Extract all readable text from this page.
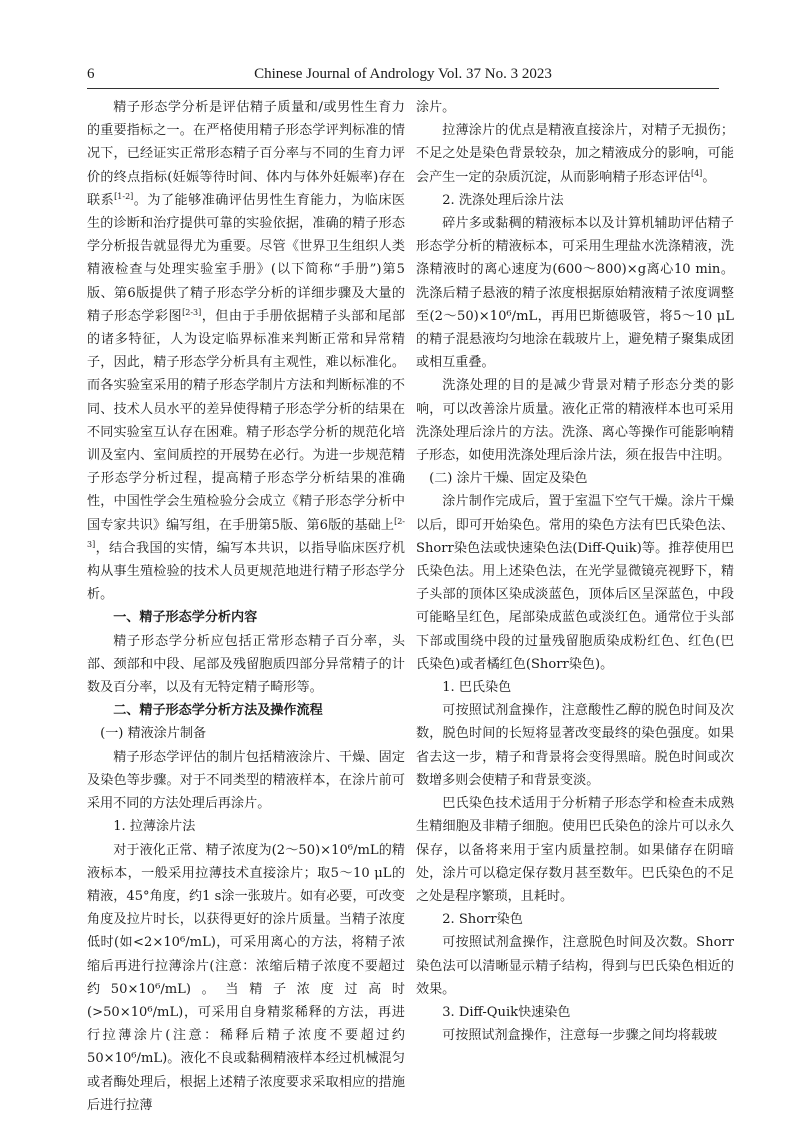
6	Chinese Journal of Andrology Vol. 37 No. 3 2023

精子形态学分析是评估精子质量和/或男性生育力的重要指标之一。在严格使用精子形态学评判标准的情况下，已经证实正常形态精子百分率与不同的生育力评价的终点指标(妊娠等待时间、体内与体外妊娠率)存在联系[1-2]。为了能够准确评估男性生育能力，为临床医生的诊断和治疗提供可靠的实验依据，准确的精子形态学分析报告就显得尤为重要。尽管《世界卫生组织人类精液检查与处理实验室手册》(以下简称“手册”)第5版、第6版提供了精子形态学分析的详细步骤及大量的精子形态学彩图[2-3]，但由于手册依据精子头部和尾部的诸多特征，人为设定临界标准来判断正常和异常精子，因此，精子形态学分析具有主观性，难以标准化。而各实验室采用的精子形态学制片方法和判断标准的不同、技术人员水平的差异使得精子形态学分析的结果在不同实验室互认存在困难。精子形态学分析的规范化培训及室内、室间质控的开展势在必行。为进一步规范精子形态学分析过程，提高精子形态学分析结果的准确性，中国性学会生殖检验分会成立《精子形态学分析中国专家共识》编写组，在手册第5版、第6版的基础上[2-3]，结合我国的实情，编写本共识，以指导临床医疗机构从事生殖检验的技术人员更规范地进行精子形态学分析。

一、精子形态学分析内容

精子形态学分析应包括正常形态精子百分率，头部、颈部和中段、尾部及残留胞质四部分异常精子的计数及百分率，以及有无特定精子畸形等。

二、精子形态学分析方法及操作流程

(一) 精液涂片制备

精子形态学评估的制片包括精液涂片、干燥、固定及染色等步骤。对于不同类型的精液样本，在涂片前可采用不同的方法处理后再涂片。

1. 拉薄涂片法

对于液化正常、精子浓度为(2～50)×10⁶/mL的精液标本，一般采用拉薄技术直接涂片；取5～10 μL的精液，45°角度，约1 s涂一张玻片。如有必要，可改变角度及拉片时长，以获得更好的涂片质量。当精子浓度低时(如<2×10⁶/mL)，可采用离心的方法，将精子浓缩后再进行拉薄涂片(注意：浓缩后精子浓度不要超过约50×10⁶/mL)。当精子浓度过高时(>50×10⁶/mL)，可采用自身精浆稀释的方法，再进行拉薄涂片(注意：稀释后精子浓度不要超过约50×10⁶/mL)。液化不良或黏稠精液样本经过机械混匀或者酶处理后，根据上述精子浓度要求采取相应的措施后进行拉薄

涂片。

拉薄涂片的优点是精液直接涂片，对精子无损伤；不足之处是染色背景较杂，加之精液成分的影响，可能会产生一定的杂质沉淀，从而影响精子形态评估[4]。

2. 洗涤处理后涂片法

碎片多或黏稠的精液标本以及计算机辅助评估精子形态学分析的精液标本，可采用生理盐水洗涤精液，洗涤精液时的离心速度为(600～800)×g离心10 min。洗涤后精子悬液的精子浓度根据原始精液精子浓度调整至(2～50)×10⁶/mL，再用巴斯德吸管，将5～10 μL的精子混悬液均匀地涂在载玻片上，避免精子聚集成团或相互重叠。

洗涤处理的目的是减少背景对精子形态分类的影响，可以改善涂片质量。液化正常的精液样本也可采用洗涤处理后涂片的方法。洗涤、离心等操作可能影响精子形态，如使用洗涤处理后涂片法，须在报告中注明。

(二) 涂片干燥、固定及染色

涂片制作完成后，置于室温下空气干燥。涂片干燥以后，即可开始染色。常用的染色方法有巴氏染色法、Shorr染色法或快速染色法(Diff-Quik)等。推荐使用巴氏染色法。用上述染色法，在光学显微镜亮视野下，精子头部的顶体区染成淡蓝色，顶体后区呈深蓝色，中段可能略呈红色，尾部染成蓝色或淡红色。通常位于头部下部或围绕中段的过量残留胞质染成粉红色、红色(巴氏染色)或者橘红色(Shorr染色)。

1. 巴氏染色

可按照试剂盒操作，注意酸性乙醇的脱色时间及次数，脱色时间的长短将显著改变最终的染色强度。如果省去这一步，精子和背景将会变得黑暗。脱色时间或次数增多则会使精子和背景变淡。

巴氏染色技术适用于分析精子形态学和检查未成熟生精细胞及非精子细胞。使用巴氏染色的涂片可以永久保存，以备将来用于室内质量控制。如果储存在阴暗处，涂片可以稳定保存数月甚至数年。巴氏染色的不足之处是程序繁琐，且耗时。

2. Shorr染色

可按照试剂盒操作，注意脱色时间及次数。Shorr染色法可以清晰显示精子结构，得到与巴氏染色相近的效果。

3. Diff-Quik快速染色

可按照试剂盒操作，注意每一步骤之间均将载玻
